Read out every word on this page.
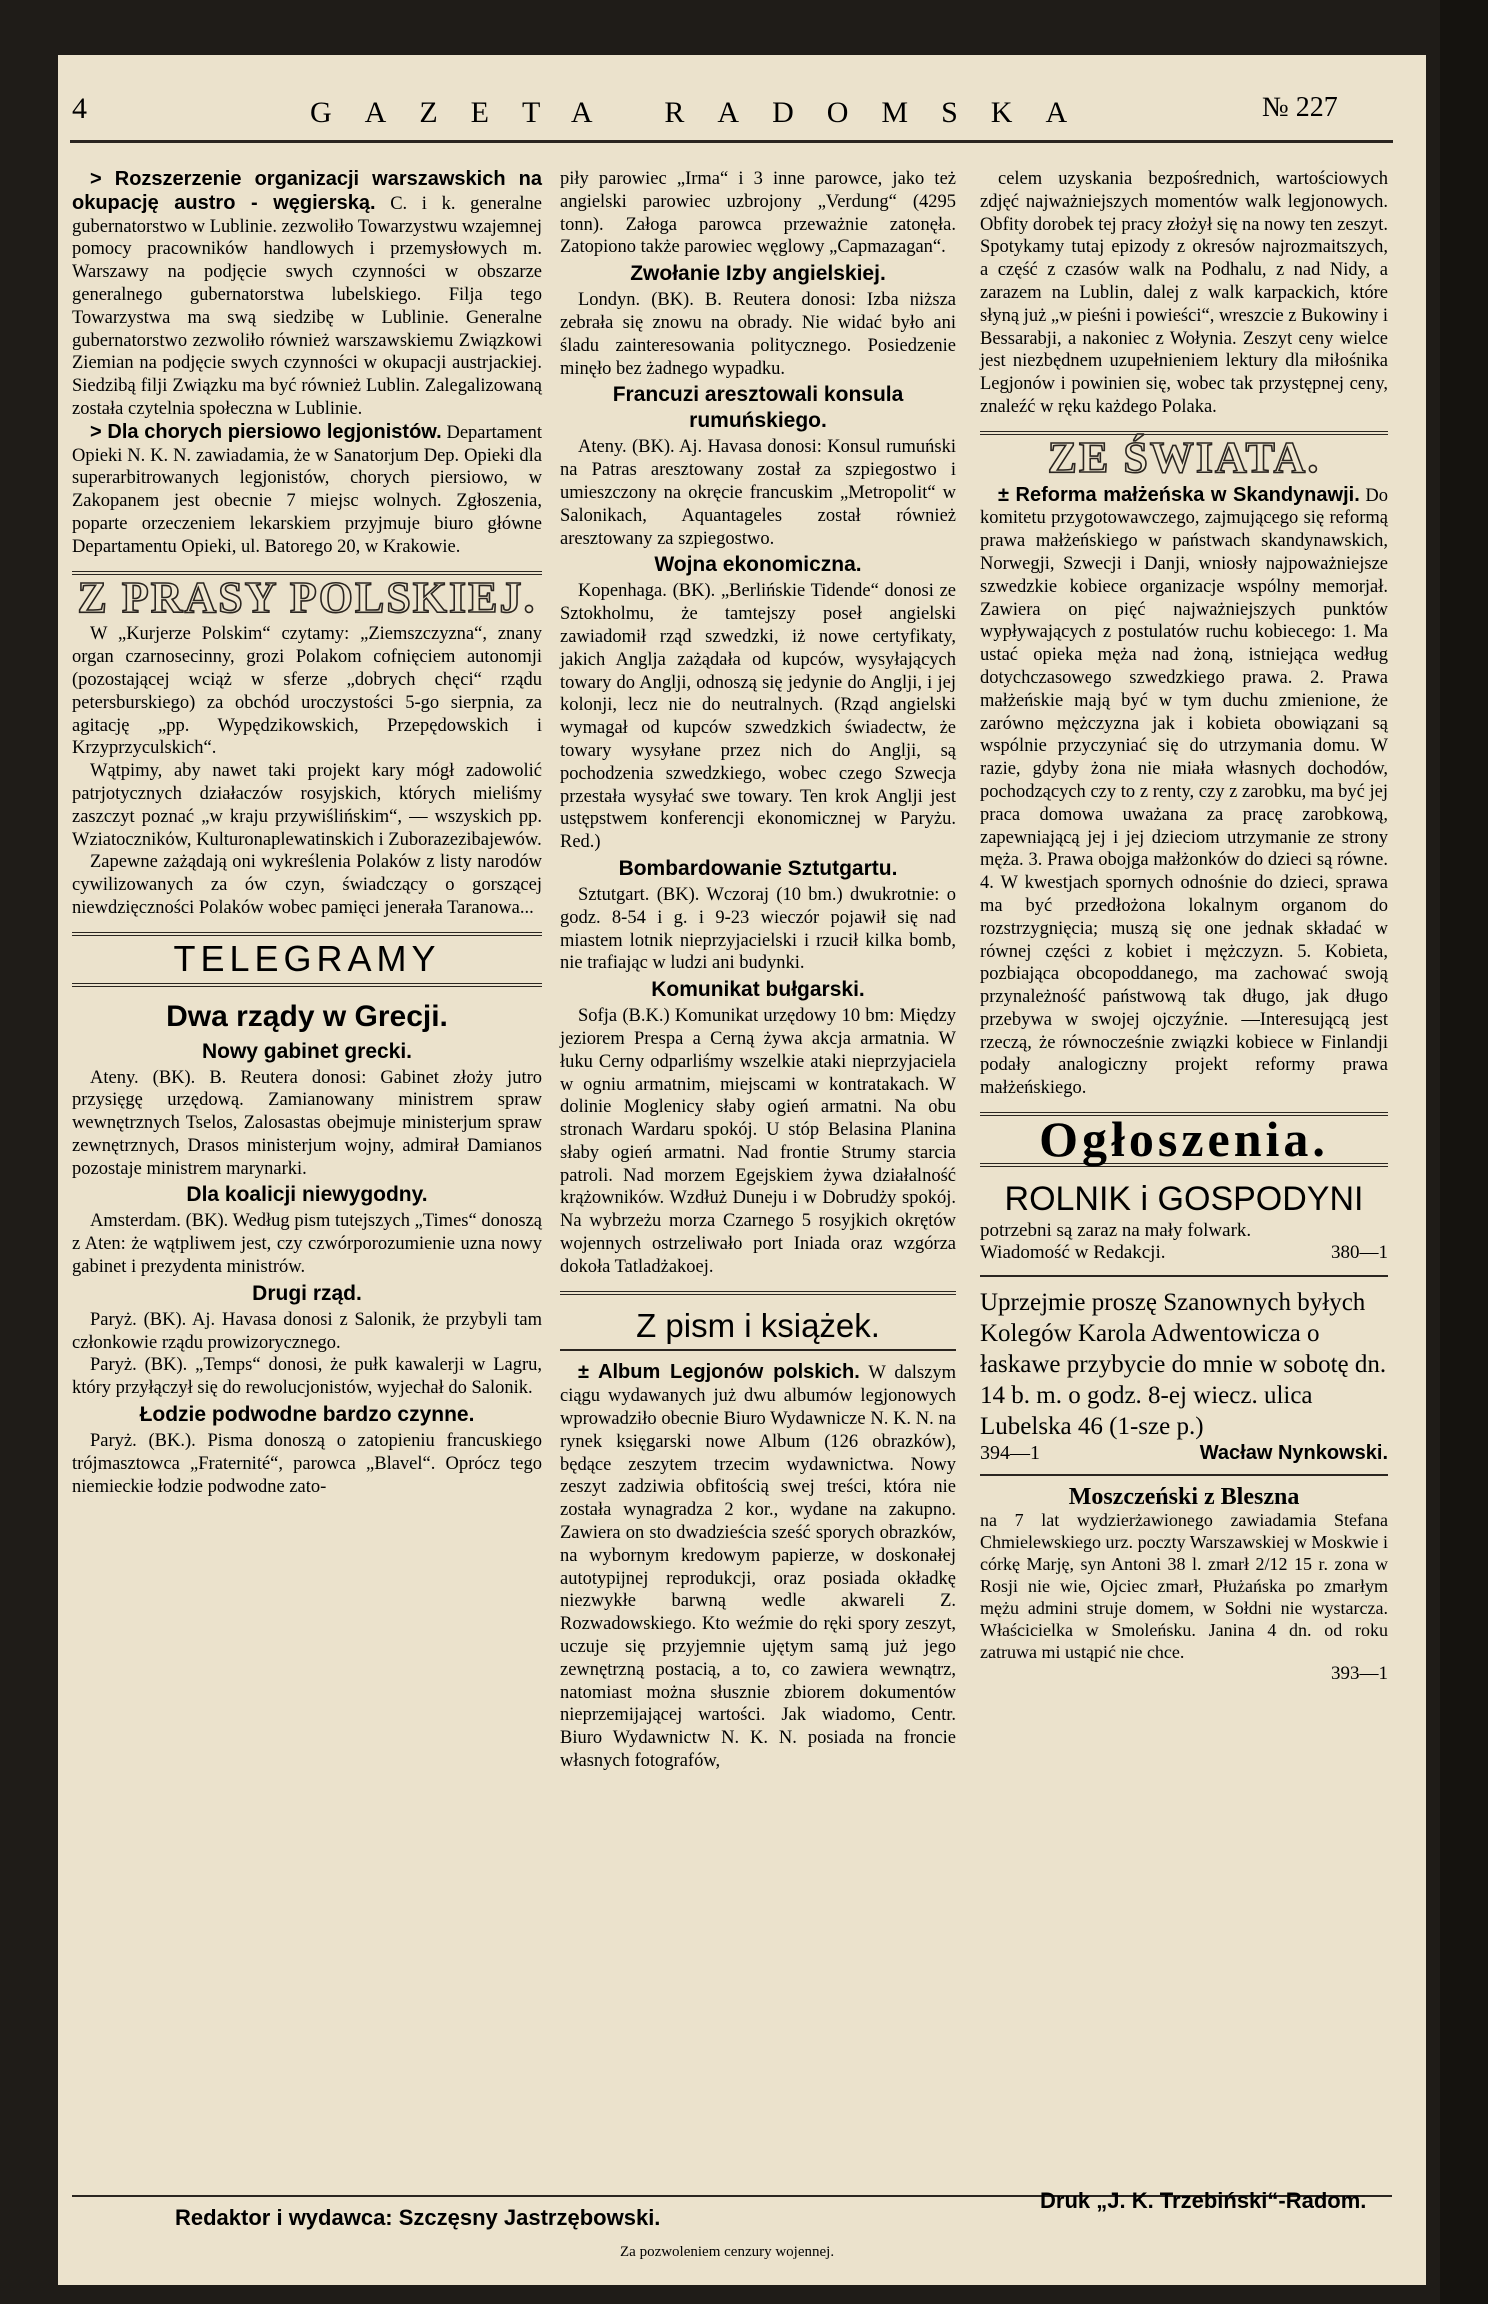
4	GAZETA RADOMSKA	№ 227

> Rozszerzenie organizacji warszawskich na okupację austro - węgierską. C. i k. generalne gubernatorstwo w Lublinie. zezwoliło Towarzystwu wzajemnej pomocy pracowników handlowych i przemysłowych m. Warszawy na podjęcie swych czynności w obszarze generalnego gubernatorstwa lubelskiego. Filja tego Towarzystwa ma swą siedzibę w Lublinie. Generalne gubernatorstwo zezwoliło również warszawskiemu Związkowi Ziemian na podjęcie swych czynności w okupacji austrjackiej. Siedzibą filji Związku ma być również Lublin. Zalegalizowaną została czytelnia społeczna w Lublinie.

> Dla chorych piersiowo legjonistów. Departament Opieki N. K. N. zawiadamia, że w Sanatorjum Dep. Opieki dla superarbitrowanych legjonistów, chorych piersiowo, w Zakopanem jest obecnie 7 miejsc wolnych. Zgłoszenia, poparte orzeczeniem lekarskiem przyjmuje biuro główne Departamentu Opieki, ul. Batorego 20, w Krakowie.

Z PRASY POLSKIEJ.

W „Kurjerze Polskim“ czytamy: „Ziemszczyzna“, znany organ czarnosecinny, grozi Polakom cofnięciem autonomji (pozostającej wciąż w sferze „dobrych chęci“ rządu petersburskiego) za obchód uroczystości 5-go sierpnia, za agitację „pp. Wypędzikowskich, Przepędowskich i Krzyprzyculskich“.

Wątpimy, aby nawet taki projekt kary mógł zadowolić patrjotycznych działaczów rosyjskich, których mieliśmy zaszczyt poznać „w kraju przywiślińskim“, — wszyskich pp. Wziatocznikόw, Kulturonaplewatinskich i Zuborazezibajewów.

Zapewne zażądają oni wykreślenia Polaków z listy narodów cywilizowanych za ów czyn, świadczący o gorszącej niewdzięczności Polaków wobec pamięci jenerała Taranowa...

TELEGRAMY
Dwa rządy w Grecji.
Nowy gabinet grecki.

Ateny. (BK). B. Reutera donosi: Gabinet złoży jutro przysięgę urzędową. Zamianowany ministrem spraw wewnętrznych Tselos, Zalosastas obejmuje ministerjum spraw zewnętrznych, Drasos ministerjum wojny, admirał Damianos pozostaje ministrem marynarki.

Dla koalicji niewygodny.

Amsterdam. (BK). Według pism tutejszych „Times“ donoszą z Aten: że wątpliwem jest, czy czwórporozumienie uzna nowy gabinet i prezydenta ministrów.

Drugi rząd.

Paryż. (BK). Aj. Havasa donosi z Salonik, że przybyli tam członkowie rządu prowizorycznego.

Paryż. (BK). „Temps“ donosi, że pułk kawalerji w Lagru, który przyłączył się do rewolucjonistów, wyjechał do Salonik.

Łodzie podwodne bardzo czynne.

Paryż. (BK.). Pisma donoszą o zatopieniu francuskiego trójmasztowca „Fraternité“, parowca „Blavel“. Oprócz tego niemieckie łodzie podwodne zato-

piły parowiec „Irma“ i 3 inne parowce, jako też angielski parowiec uzbrojony „Verdung“ (4295 tonn). Załoga parowca przeważnie zatonęła. Zatopiono także parowiec węglowy „Capmazagan“.

Zwołanie Izby angielskiej.

Londyn. (BK). B. Reutera donosi: Izba niższa zebrała się znowu na obrady. Nie widać było ani śladu zainteresowania politycznego. Posiedzenie minęło bez żadnego wypadku.

Francuzi aresztowali konsula rumuńskiego.

Ateny. (BK). Aj. Havasa donosi: Konsul rumuński na Patras aresztowany został za szpiegostwo i umieszczony na okręcie francuskim „Metropolit“ w Salonikach, Aquantageles został również aresztowany za szpiegostwo.

Wojna ekonomiczna.

Kopenhaga. (BK). „Berlińskie Tidende“ donosi ze Sztokholmu, że tamtejszy poseł angielski zawiadomił rząd szwedzki, iż nowe certyfikaty, jakich Anglja zażądała od kupców, wysyłających towary do Anglji, odnoszą się jedynie do Anglji, i jej kolonji, lecz nie do neutralnych. (Rząd angielski wymagał od kupców szwedzkich świadectw, że towary wysyłane przez nich do Anglji, są pochodzenia szwedzkiego, wobec czego Szwecja przestała wysyłać swe towary. Ten krok Anglji jest ustępstwem konferencji ekonomicznej w Paryżu. Red.)

Bombardowanie Sztutgartu.

Sztutgart. (BK). Wczoraj (10 bm.) dwukrotnie: o godz. 8-54 i g. i 9-23 wieczór pojawił się nad miastem lotnik nieprzyjacielski i rzucił kilka bomb, nie trafiając w ludzi ani budynki.

Komunikat bułgarski.

Sofja (B.K.) Komunikat urzędowy 10 bm: Między jeziorem Prespa a Cerną żywa akcja armatnia. W łuku Cerny odparliśmy wszelkie ataki nieprzyjaciela w ogniu armatnim, miejscami w kontratakach. W dolinie Moglenicy słaby ogień armatni. Na obu stronach Wardaru spokój. U stóp Belasina Planina słaby ogień armatni. Nad frontie Strumy starcia patroli. Nad morzem Egejskiem żywa działalność krążowników. Wzdłuż Duneju i w Dobrudży spokój. Na wybrzeżu morza Czarnego 5 rosyjkich okrętów wojennych ostrzeliwało port Iniada oraz wzgórza dokoła Tatladżakoej.

Z pism i książek.

± Album Legjonów polskich. W dalszym ciągu wydawanych już dwu albumów legjonowych wprowadziło obecnie Biuro Wydawnicze N. K. N. na rynek księgarski nowe Album (126 obrazków), będące zeszytem trzecim wydawnictwa. Nowy zeszyt zadziwia obfitością swej treści, która nie została wynagradza 2 kor., wydane na zakupno. Zawiera on sto dwadzieścia sześć sporych obrazków, na wybornym kredowym papierze, w doskonałej autotypijnej reprodukcji, oraz posiada okładkę niezwykłe barwną wedle akwareli Z. Rozwadowskiego. Kto weźmie do ręki spory zeszyt, uczuje się przyjemnie ujętym samą już jego zewnętrzną postacią, a to, co zawiera wewnątrz, natomiast można słusznie zbiorem dokumentów nieprzemijającej wartości. Jak wiadomo, Centr. Biuro Wydawnictw N. K. N. posiada na froncie własnych fotografów,

celem uzyskania bezpośrednich, wartościowych zdjęć najważniejszych momentów walk legjonowych. Obfity dorobek tej pracy złożył się na nowy ten zeszyt. Spotykamy tutaj epizody z okresów najrozmaitszych, a część z czasów walk na Podhalu, z nad Nidy, a zarazem na Lublin, dalej z walk karpackich, które słyną już „w pieśni i powieści“, wreszcie z Bukowiny i Bessarabji, a nakoniec z Wołynia. Zeszyt ceny wielce jest niezbędnem uzupełnieniem lektury dla miłośnika Legjonów i powinien się, wobec tak przystępnej ceny, znaleźć w ręku każdego Polaka.

ZE ŚWIATA.

± Reforma małżeńska w Skandynawji. Do komitetu przygotowawczego, zajmującego się reformą prawa małżeńskiego w państwach skandynawskich, Norwegji, Szwecji i Danji, wniosły najpoważniejsze szwedzkie kobiece organizacje wspólny memorjał. Zawiera on pięć najważniejszych punktów wypływających z postulatów ruchu kobiecego: 1. Ma ustać opieka męża nad żoną, istniejąca według dotychczasowego szwedzkiego prawa. 2. Prawa małżeńskie mają być w tym duchu zmienione, że zarówno mężczyzna jak i kobieta obowiązani są wspólnie przyczyniać się do utrzymania domu. W razie, gdyby żona nie miała własnych dochodów, pochodzących czy to z renty, czy z zarobku, ma być jej praca domowa uważana za pracę zarobkową, zapewniającą jej i jej dzieciom utrzymanie ze strony męża. 3. Prawa obojga małżonków do dzieci są równe. 4. W kwestjach spornych odnośnie do dzieci, sprawa ma być przedłożona lokalnym organom do rozstrzygnięcia; muszą się one jednak składać w równej części z kobiet i mężczyzn. 5. Kobieta, pozbiająca obcopoddanego, ma zachować swoją przynależność państwową tak długo, jak długo przebywa w swojej ojczyźnie. —Interesującą jest rzeczą, że równocześnie związki kobiece w Finlandji podały analogiczny projekt reformy prawa małżeńskiego.

Ogłoszenia.
ROLNIK i GOSPODYNI
potrzebni są zaraz na mały folwark.
Wiadomość w Redakcji.	380—1
Uprzejmie proszę Szanownych byłych Kolegów Karola Adwentowicza o łaskawe przybycie do mnie w sobotę dn. 14 b. m. o godz. 8-ej wiecz. ulica Lubelska 46 (1-sze p.)
394—1	Wacław Nynkowski.
Moszczeński z Bleszna
na 7 lat wydzierżawionego zawiadamia Stefana Chmielewskiego urz. poczty Warszawskiej w Moskwie i córkę Marję, syn Antoni 38 l. zmarł 2/12 15 r. zona w Rosji nie wie, Ojciec zmarł, Płużańska po zmarłym mężu admini struje domem, w Sołdni nie wystarcza. Właścicielka w Smoleńsku. Janina 4 dn. od roku zatruwa mi ustąpić nie chce.
393—1
Redaktor i wydawca: Szczęsny Jastrzębowski.
Druk „J. K. Trzebiński“-Radom.
Za pozwoleniem cenzury wojennej.
